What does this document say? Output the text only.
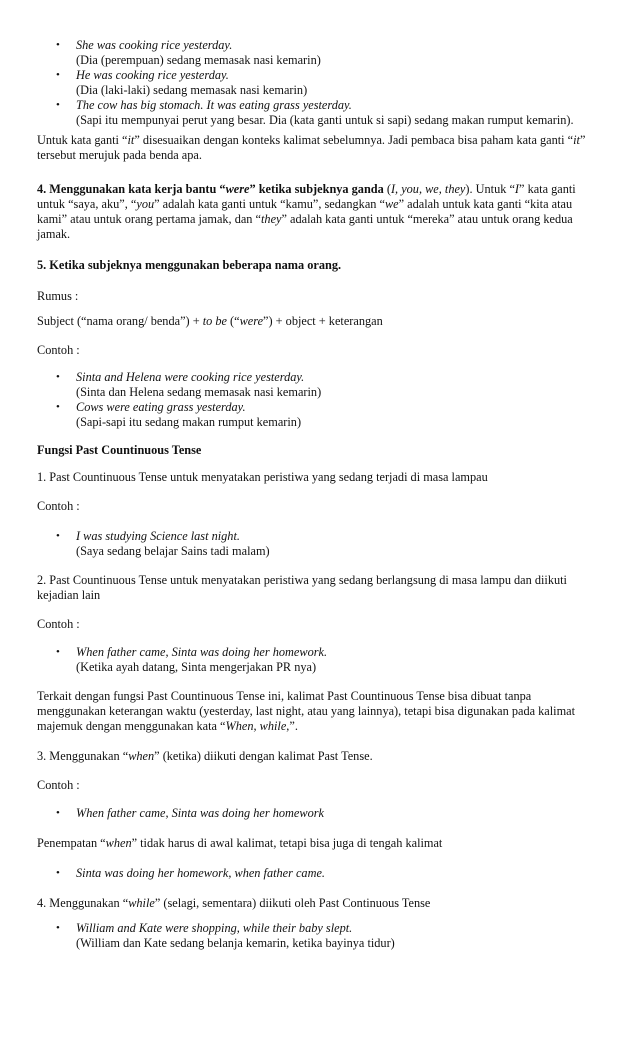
• She was cooking rice yesterday.
(Dia (perempuan) sedang memasak nasi kemarin)
• He was cooking rice yesterday.
(Dia (laki-laki) sedang memasak nasi kemarin)
• The cow has big stomach. It was eating grass yesterday.
(Sapi itu mempunyai perut yang besar. Dia (kata ganti untuk si sapi) sedang makan rumput kemarin).
Untuk kata ganti “it” disesuaikan dengan konteks kalimat sebelumnya. Jadi pembaca bisa paham kata ganti “it” tersebut merujuk pada benda apa.
4. Menggunakan kata kerja bantu “were” ketika subjeknya ganda (I, you, we, they). Untuk “I” kata ganti untuk “saya, aku”, “you” adalah kata ganti untuk “kamu”, sedangkan “we” adalah untuk kata ganti “kita atau kami” atau untuk orang pertama jamak, dan “they” adalah kata ganti untuk “mereka” atau untuk orang kedua jamak.
5. Ketika subjeknya menggunakan beberapa nama orang.
Rumus :
Subject (“nama orang/ benda”) + to be (“were”) + object + keterangan
Contoh :
• Sinta and Helena were cooking rice yesterday.
(Sinta dan Helena sedang memasak nasi kemarin)
• Cows were eating grass yesterday.
(Sapi-sapi itu sedang makan rumput kemarin)
Fungsi Past Countinuous Tense
1. Past Countinuous Tense untuk menyatakan peristiwa yang sedang terjadi di masa lampau
Contoh :
• I was studying Science last night.
(Saya sedang belajar Sains tadi malam)
2. Past Countinuous Tense untuk menyatakan peristiwa yang sedang berlangsung di masa lampu dan diikuti kejadian lain
Contoh :
• When father came, Sinta was doing her homework.
(Ketika ayah datang, Sinta mengerjakan PR nya)
Terkait dengan fungsi Past Countinuous Tense ini, kalimat Past Countinuous Tense bisa dibuat tanpa menggunakan keterangan waktu (yesterday, last night, atau yang lainnya), tetapi bisa digunakan pada kalimat majemuk dengan menggunakan kata “When, while,”.
3. Menggunakan “when” (ketika) diikuti dengan kalimat Past Tense.
Contoh :
• When father came, Sinta was doing her homework
Penempatan “when” tidak harus di awal kalimat, tetapi bisa juga di tengah kalimat
• Sinta was doing her homework, when father came.
4. Menggunakan “while” (selagi, sementara) diikuti oleh Past Continuous Tense
• William and Kate were shopping, while their baby slept.
(William dan Kate sedang belanja kemarin, ketika bayinya tidur)
